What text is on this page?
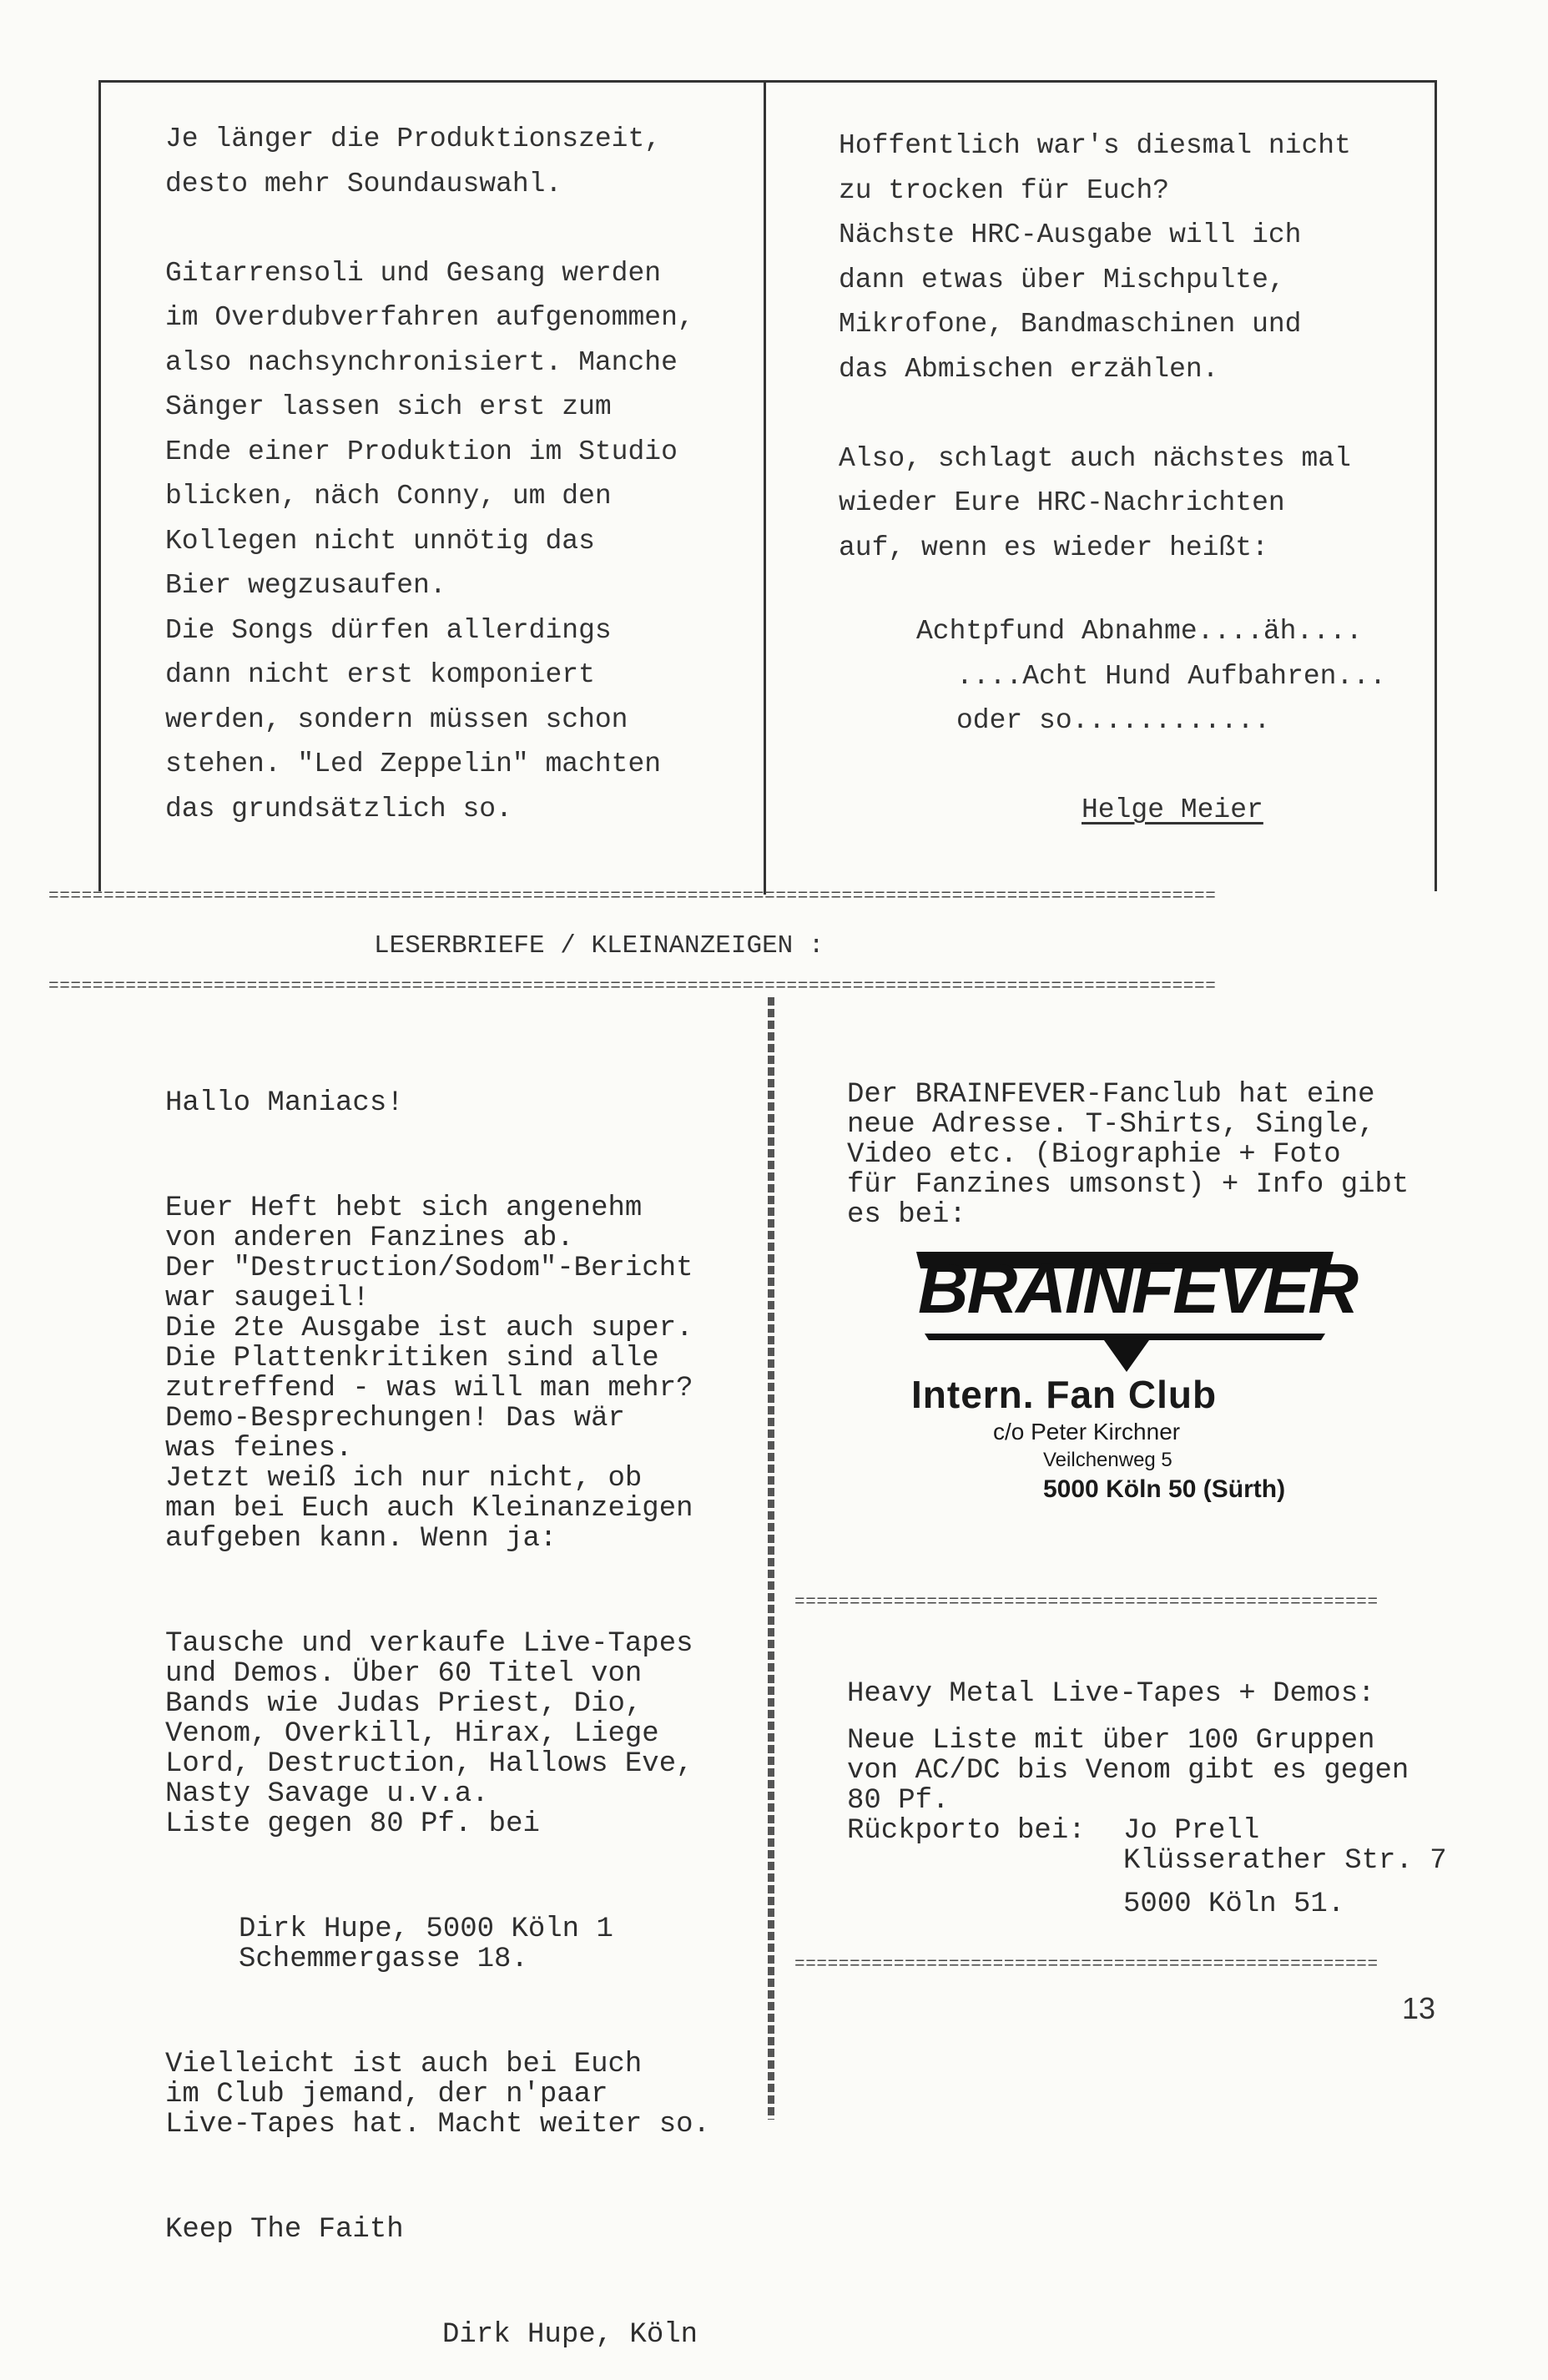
Je länger die Produktionszeit,
desto mehr Soundauswahl.

Gitarrensoli und Gesang werden
im Overdubverfahren aufgenommen,
also nachsynchronisiert. Manche
Sänger lassen sich erst zum
Ende einer Produktion im Studio
blicken, näch Conny, um den
Kollegen nicht unnötig das
Bier wegzusaufen.
Die Songs dürfen allerdings
dann nicht erst komponiert
werden, sondern müssen schon
stehen. "Led Zeppelin" machten
das grundsätzlich so.
Hoffentlich war's diesmal nicht
zu trocken für Euch?
Nächste HRC-Ausgabe will ich
dann etwas über Mischpulte,
Mikrofone, Bandmaschinen und
das Abmischen erzählen.

Also, schlagt auch nächstes mal
wieder Eure HRC-Nachrichten
auf, wenn es wieder heißt:
Achtpfund Abnahme....äh....
....Acht Hund Aufbahren...
oder so............
Helge Meier
==========================================================================================================
LESERBRIEFE / KLEINANZEIGEN :
==========================================================================================================

Hallo Maniacs!

Euer Heft hebt sich angenehm
von anderen Fanzines ab.
Der "Destruction/Sodom"-Bericht
war saugeil!
Die 2te Ausgabe ist auch super.
Die Plattenkritiken sind alle
zutreffend - was will man mehr?
Demo-Besprechungen! Das wär
was feines.
Jetzt weiß ich nur nicht, ob
man bei Euch auch Kleinanzeigen
aufgeben kann. Wenn ja:

Tausche und verkaufe Live-Tapes
und Demos. Über 60 Titel von
Bands wie Judas Priest, Dio,
Venom, Overkill, Hirax, Liege
Lord, Destruction, Hallows Eve,
Nasty Savage u.v.a.
Liste gegen 80 Pf. bei

Dirk Hupe, 5000 Köln 1
Schemmergasse 18.

Vielleicht ist auch bei Euch
im Club jemand, der n'paar
Live-Tapes hat. Macht weiter so.

Keep The Faith

Dirk Hupe, Köln

Der BRAINFEVER-Fanclub hat eine
neue Adresse. T-Shirts, Single,
Video etc. (Biographie + Foto
für Fanzines umsonst) + Info gibt
es bei:
BRAINFEVER
Intern. Fan Club
c/o Peter Kirchner
Veilchenweg 5
5000 Köln 50 (Sürth)
=====================================================
Heavy Metal Live-Tapes + Demos:
Neue Liste mit über 100 Gruppen
von AC/DC bis Venom gibt es gegen
80 Pf.
Rückporto bei: Jo Prell
Klüsserather Str. 7
5000 Köln 51.
=====================================================
13
